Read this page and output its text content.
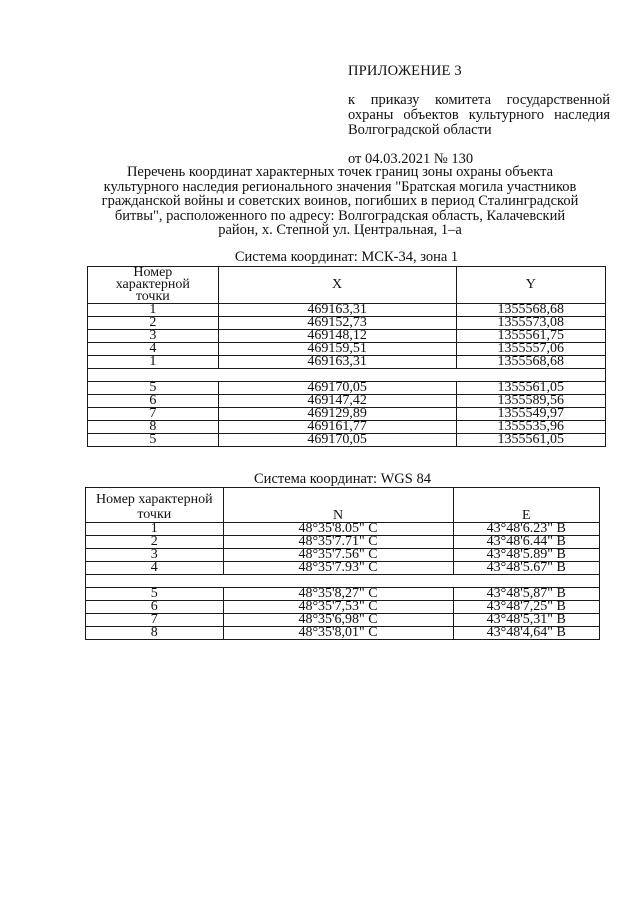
ПРИЛОЖЕНИЕ 3
к приказу комитета государственной
охраны объектов культурного наследия
Волгоградской области
от 04.03.2021 № 130
Перечень координат характерных точек границ зоны охраны объекта
культурного наследия регионального значения "Братская могила участников
гражданской войны и советских воинов, погибших в период Сталинградской
битвы", расположенного по адресу: Волгоградская область, Калачевский
район, х. Степной ул. Центральная, 1–а
Система координат: МСК-34, зона 1
Номер
характерной
точки	X	Y
1	469163,31	1355568,68
2	469152,73	1355573,08
3	469148,12	1355561,75
4	469159,51	1355557,06
1	469163,31	1355568,68

5	469170,05	1355561,05
6	469147,42	1355589,56
7	469129,89	1355549,97
8	469161,77	1355535,96
5	469170,05	1355561,05
Система координат: WGS 84
Номер характерной
точки	N	E
1	48°35'8.05" С	43°48'6.23" В
2	48°35'7.71" С	43°48'6.44" В
3	48°35'7.56" С	43°48'5.89" В
4	48°35'7.93" С	43°48'5.67" В

5	48°35'8,27" С	43°48'5,87" В
6	48°35'7,53" С	43°48'7,25" В
7	48°35'6,98" С	43°48'5,31" В
8	48°35'8,01" С	43°48'4,64" В
